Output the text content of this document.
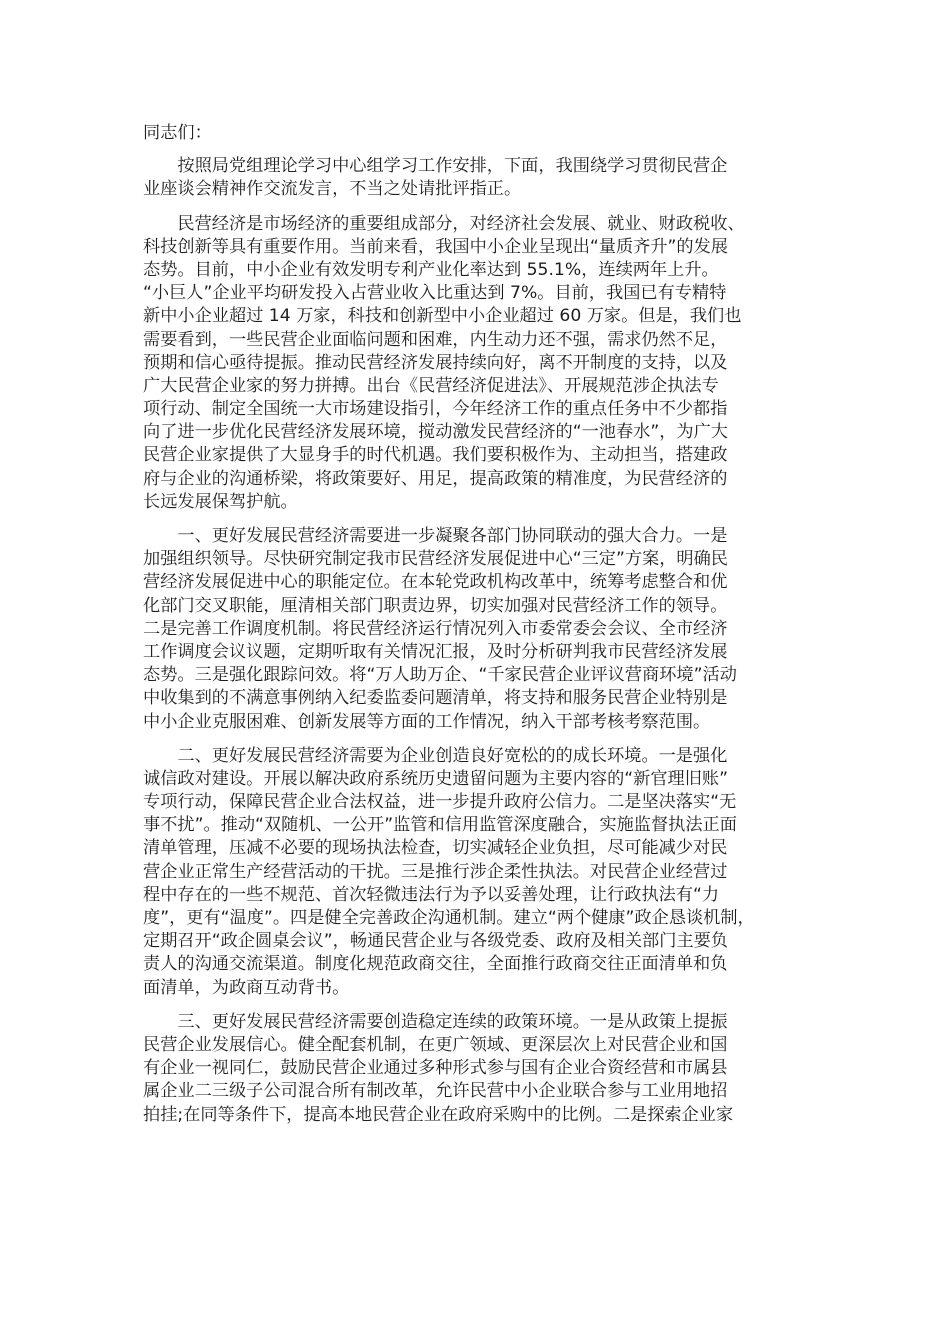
同志们：
　　按照局党组理论学习中心组学习工作安排，下面，我围绕学习贯彻民营企
业座谈会精神作交流发言，不当之处请批评指正。
　　民营经济是市场经济的重要组成部分，对经济社会发展、就业、财政税收、
科技创新等具有重要作用。当前来看，我国中小企业呈现出“量质齐升”的发展
态势。目前，中小企业有效发明专利产业化率达到 55.1%，连续两年上升。
“小巨人”企业平均研发投入占营业收入比重达到 7%。目前，我国已有专精特
新中小企业超过 14 万家，科技和创新型中小企业超过 60 万家。但是，我们也
需要看到，一些民营企业面临问题和困难，内生动力还不强，需求仍然不足，
预期和信心亟待提振。推动民营经济发展持续向好，离不开制度的支持，以及
广大民营企业家的努力拼搏。出台《民营经济促进法》、开展规范涉企执法专
项行动、制定全国统一大市场建设指引，今年经济工作的重点任务中不少都指
向了进一步优化民营经济发展环境，搅动激发民营经济的“一池春水”，为广大
民营企业家提供了大显身手的时代机遇。我们要积极作为、主动担当，搭建政
府与企业的沟通桥梁，将政策要好、用足，提高政策的精准度，为民营经济的
长远发展保驾护航。
　　一、更好发展民营经济需要进一步凝聚各部门协同联动的强大合力。一是
加强组织领导。尽快研究制定我市民营经济发展促进中心“三定”方案，明确民
营经济发展促进中心的职能定位。在本轮党政机构改革中，统筹考虑整合和优
化部门交叉职能，厘清相关部门职责边界，切实加强对民营经济工作的领导。
二是完善工作调度机制。将民营经济运行情况列入市委常委会会议、全市经济
工作调度会议议题，定期听取有关情况汇报，及时分析研判我市民营经济发展
态势。三是强化跟踪问效。将“万人助万企、“千家民营企业评议营商环境”活动
中收集到的不满意事例纳入纪委监委问题清单，将支持和服务民营企业特别是
中小企业克服困难、创新发展等方面的工作情况，纳入干部考核考察范围。
　　二、更好发展民营经济需要为企业创造良好宽松的的成长环境。一是强化
诚信政对建设。开展以解决政府系统历史遗留问题为主要内容的“新官理旧账”
专项行动，保障民营企业合法权益，进一步提升政府公信力。二是坚决落实“无
事不扰”。推动“双随机、一公开”监管和信用监管深度融合，实施监督执法正面
清单管理，压减不必要的现场执法检查，切实减轻企业负担，尽可能减少对民
营企业正常生产经营活动的干扰。三是推行涉企柔性执法。对民营企业经营过
程中存在的一些不规范、首次轻微违法行为予以妥善处理，让行政执法有“力
度”，更有“温度”。四是健全完善政企沟通机制。建立“两个健康”政企恳谈机制，
定期召开“政企圆桌会议”，畅通民营企业与各级党委、政府及相关部门主要负
责人的沟通交流渠道。制度化规范政商交往，全面推行政商交往正面清单和负
面清单，为政商互动背书。
　　三、更好发展民营经济需要创造稳定连续的政策环境。一是从政策上提振
民营企业发展信心。健全配套机制，在更广领域、更深层次上对民营企业和国
有企业一视同仁，鼓励民营企业通过多种形式参与国有企业合资经营和市属县
属企业二三级子公司混合所有制改革，允许民营中小企业联合参与工业用地招
拍挂;在同等条件下，提高本地民营企业在政府采购中的比例。二是探索企业家
